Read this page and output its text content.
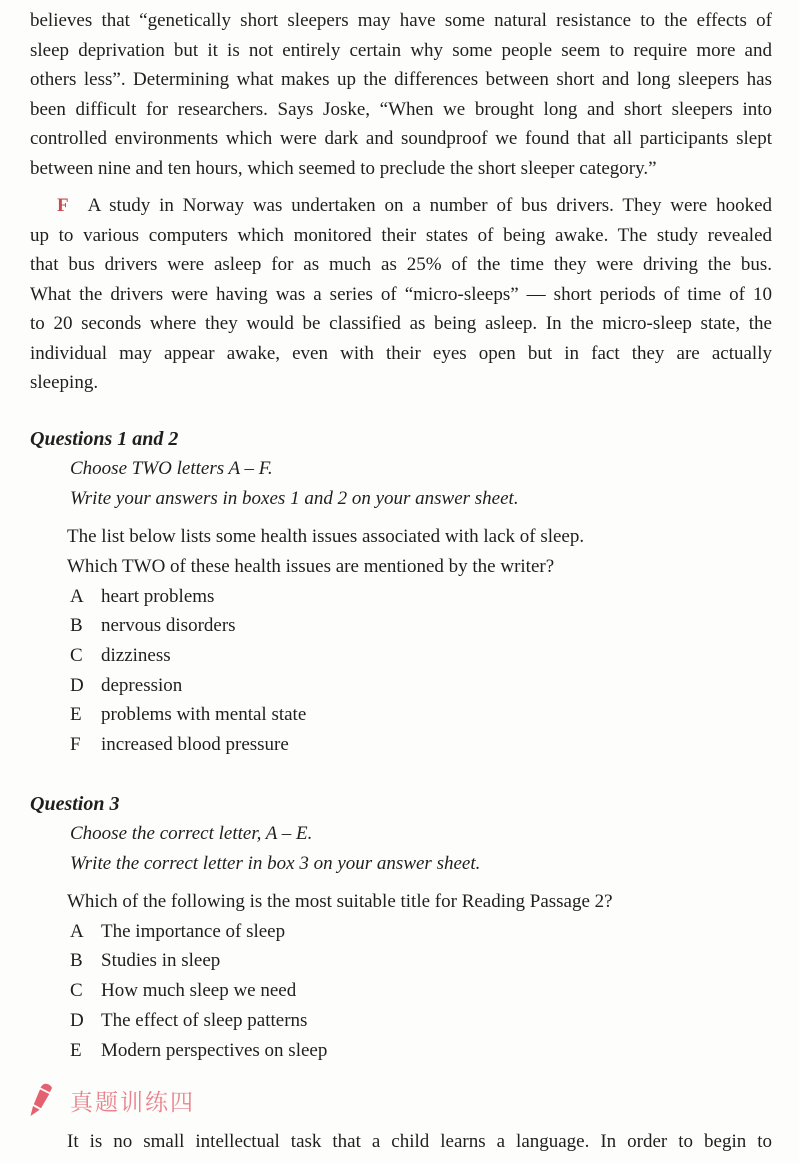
believes that “genetically short sleepers may have some natural resistance to the effects of
sleep deprivation but it is not entirely certain why some people seem to require more and
others less”. Determining what makes up the differences between short and long sleepers has
been difficult for researchers. Says Joske, “When we brought long and short sleepers into
controlled environments which were dark and soundproof we found that all participants slept
between nine and ten hours, which seemed to preclude the short sleeper category.”
F A study in Norway was undertaken on a number of bus drivers. They were hooked
up to various computers which monitored their states of being awake. The study revealed
that bus drivers were asleep for as much as 25% of the time they were driving the bus.
What the drivers were having was a series of “micro-sleeps” — short periods of time of 10
to 20 seconds where they would be classified as being asleep. In the micro-sleep state, the
individual may appear awake, even with their eyes open but in fact they are actually
sleeping.
Questions 1 and 2
Choose TWO letters A – F.
Write your answers in boxes 1 and 2 on your answer sheet.
The list below lists some health issues associated with lack of sleep.
Which TWO of these health issues are mentioned by the writer?
A heart problems
B nervous disorders
C dizziness
D depression
E problems with mental state
F increased blood pressure
Question 3
Choose the correct letter, A – E.
Write the correct letter in box 3 on your answer sheet.
Which of the following is the most suitable title for Reading Passage 2?
A The importance of sleep
B Studies in sleep
C How much sleep we need
D The effect of sleep patterns
E Modern perspectives on sleep
真题训练四
It is no small intellectual task that a child learns a language. In order to begin to
